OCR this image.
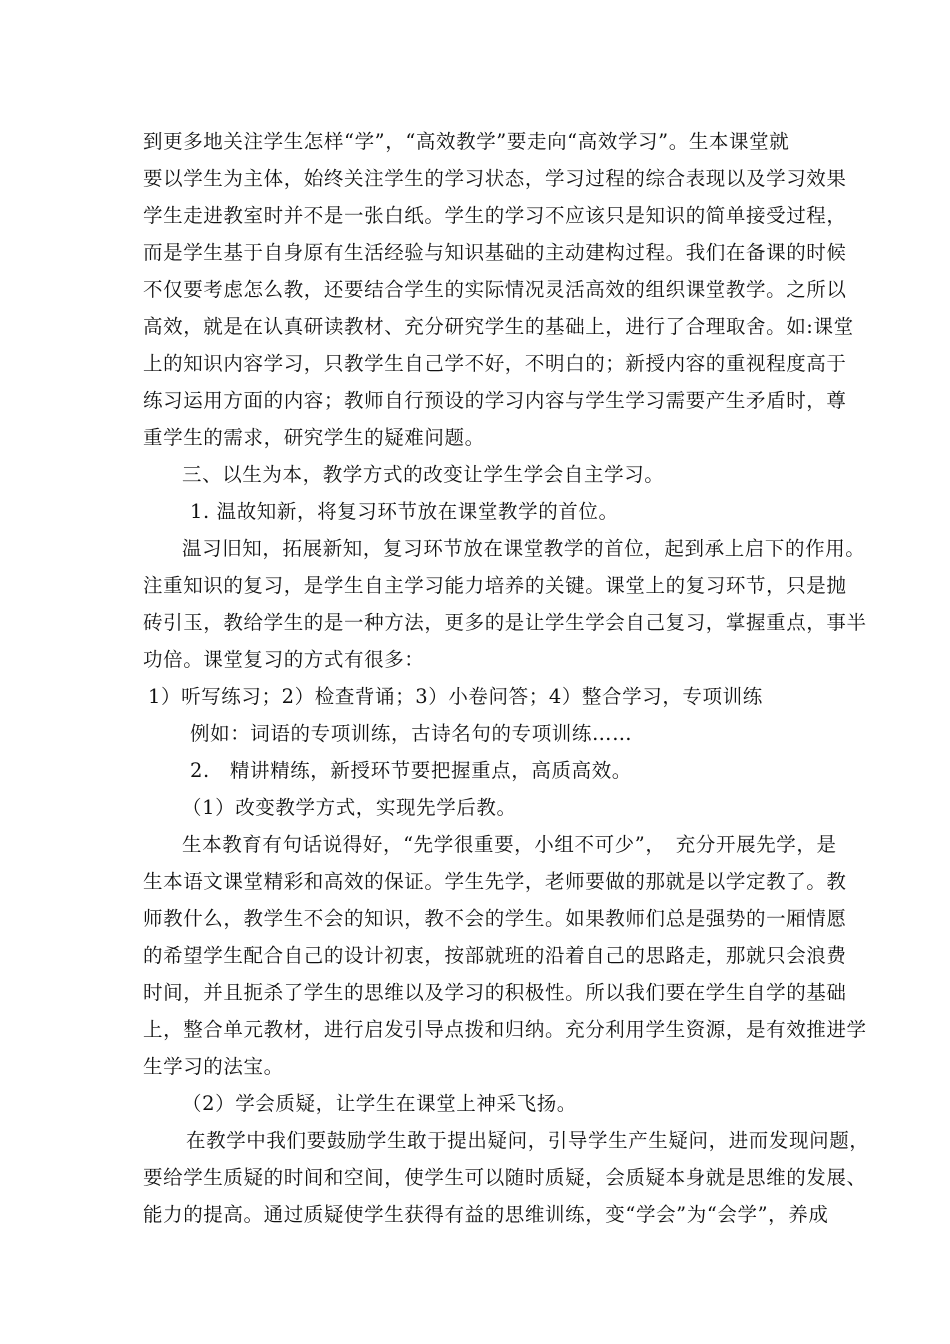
到更多地关注学生怎样“学”，“高效教学”要走向“高效学习”。生本课堂就
要以学生为主体，始终关注学生的学习状态，学习过程的综合表现以及学习效果
学生走进教室时并不是一张白纸。学生的学习不应该只是知识的简单接受过程，
而是学生基于自身原有生活经验与知识基础的主动建构过程。我们在备课的时候
不仅要考虑怎么教，还要结合学生的实际情况灵活高效的组织课堂教学。之所以
高效，就是在认真研读教材、充分研究学生的基础上，进行了合理取舍。如:课堂
上的知识内容学习，只教学生自己学不好，不明白的；新授内容的重视程度高于
练习运用方面的内容；教师自行预设的学习内容与学生学习需要产生矛盾时，尊
重学生的需求，研究学生的疑难问题。
三、以生为本，教学方式的改变让学生学会自主学习。
1. 温故知新，将复习环节放在课堂教学的首位。
温习旧知，拓展新知，复习环节放在课堂教学的首位，起到承上启下的作用。
注重知识的复习，是学生自主学习能力培养的关键。课堂上的复习环节，只是抛
砖引玉，教给学生的是一种方法，更多的是让学生学会自己复习，掌握重点，事半
功倍。课堂复习的方式有很多：
1）听写练习；2）检查背诵；3）小卷问答；4）整合学习，专项训练
例如：词语的专项训练，古诗名句的专项训练……
2.　精讲精练，新授环节要把握重点，高质高效。
（1）改变教学方式，实现先学后教。
生本教育有句话说得好，“先学很重要，小组不可少”，　充分开展先学，是
生本语文课堂精彩和高效的保证。学生先学，老师要做的那就是以学定教了。教
师教什么，教学生不会的知识，教不会的学生。如果教师们总是强势的一厢情愿
的希望学生配合自己的设计初衷，按部就班的沿着自己的思路走，那就只会浪费
时间，并且扼杀了学生的思维以及学习的积极性。所以我们要在学生自学的基础
上，整合单元教材，进行启发引导点拨和归纳。充分利用学生资源，是有效推进学
生学习的法宝。
（2）学会质疑，让学生在课堂上神采飞扬。
在教学中我们要鼓励学生敢于提出疑问，引导学生产生疑问，进而发现问题，
要给学生质疑的时间和空间，使学生可以随时质疑，会质疑本身就是思维的发展、
能力的提高。通过质疑使学生获得有益的思维训练，变“学会”为“会学”，养成
